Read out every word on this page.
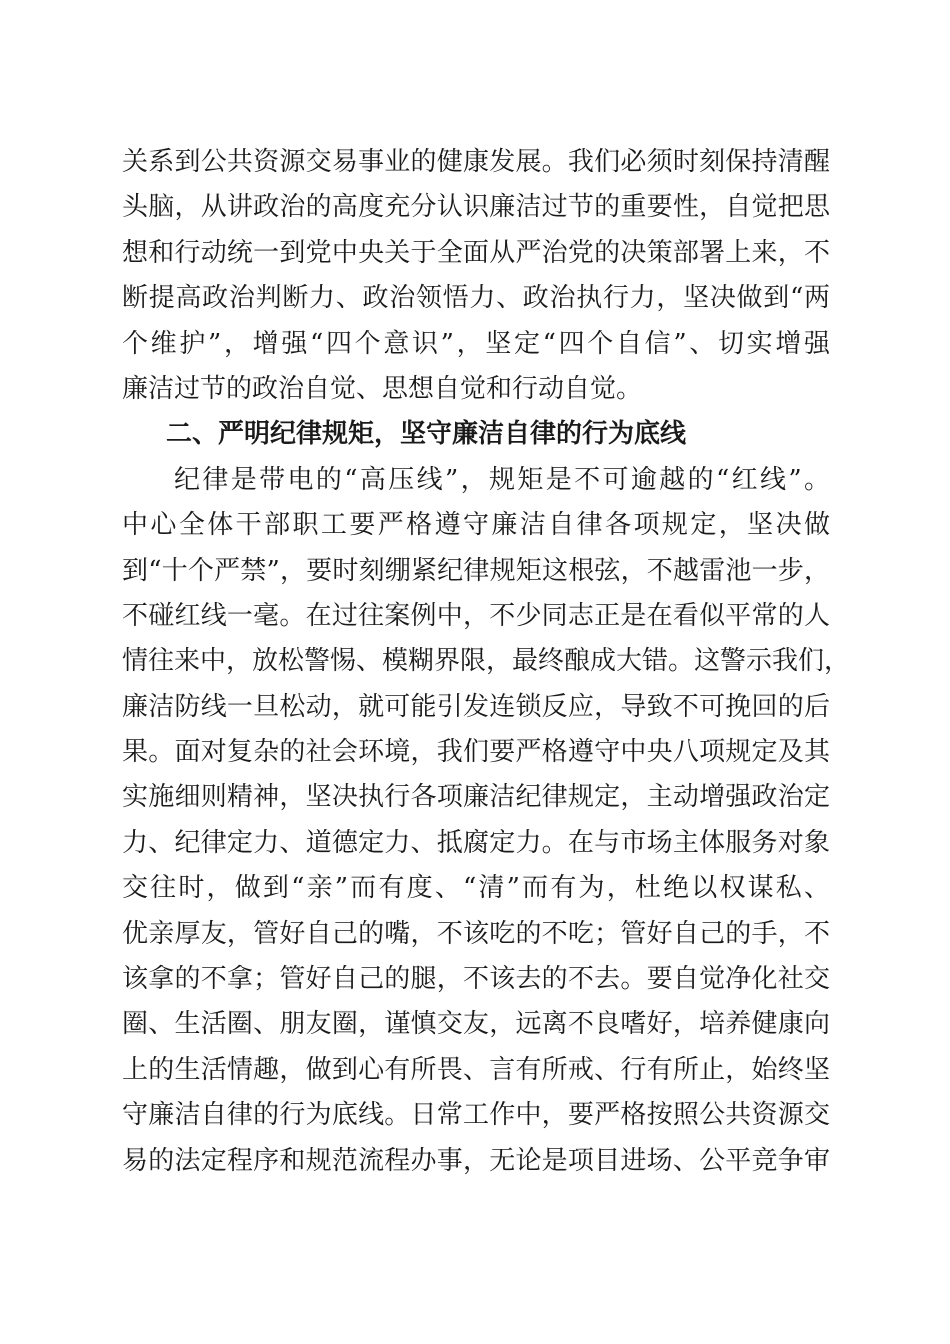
关系到公共资源交易事业的健康发展。我们必须时刻保持清醒
头脑，从讲政治的高度充分认识廉洁过节的重要性，自觉把思
想和行动统一到党中央关于全面从严治党的决策部署上来，不
断提高政治判断力、政治领悟力、政治执行力，坚决做到“两
个维护”，增强“四个意识”，坚定“四个自信”、切实增强
廉洁过节的政治自觉、思想自觉和行动自觉。
二、严明纪律规矩，坚守廉洁自律的行为底线
纪律是带电的“高压线”，规矩是不可逾越的“红线”。
中心全体干部职工要严格遵守廉洁自律各项规定，坚决做
到“十个严禁”，要时刻绷紧纪律规矩这根弦，不越雷池一步，
不碰红线一毫。在过往案例中，不少同志正是在看似平常的人
情往来中，放松警惕、模糊界限，最终酿成大错。这警示我们，
廉洁防线一旦松动，就可能引发连锁反应，导致不可挽回的后
果。面对复杂的社会环境，我们要严格遵守中央八项规定及其
实施细则精神，坚决执行各项廉洁纪律规定，主动增强政治定
力、纪律定力、道德定力、抵腐定力。在与市场主体服务对象
交往时，做到“亲”而有度、“清”而有为，杜绝以权谋私、
优亲厚友，管好自己的嘴，不该吃的不吃；管好自己的手，不
该拿的不拿；管好自己的腿，不该去的不去。要自觉净化社交
圈、生活圈、朋友圈，谨慎交友，远离不良嗜好，培养健康向
上的生活情趣，做到心有所畏、言有所戒、行有所止，始终坚
守廉洁自律的行为底线。日常工作中，要严格按照公共资源交
易的法定程序和规范流程办事，无论是项目进场、公平竞争审
